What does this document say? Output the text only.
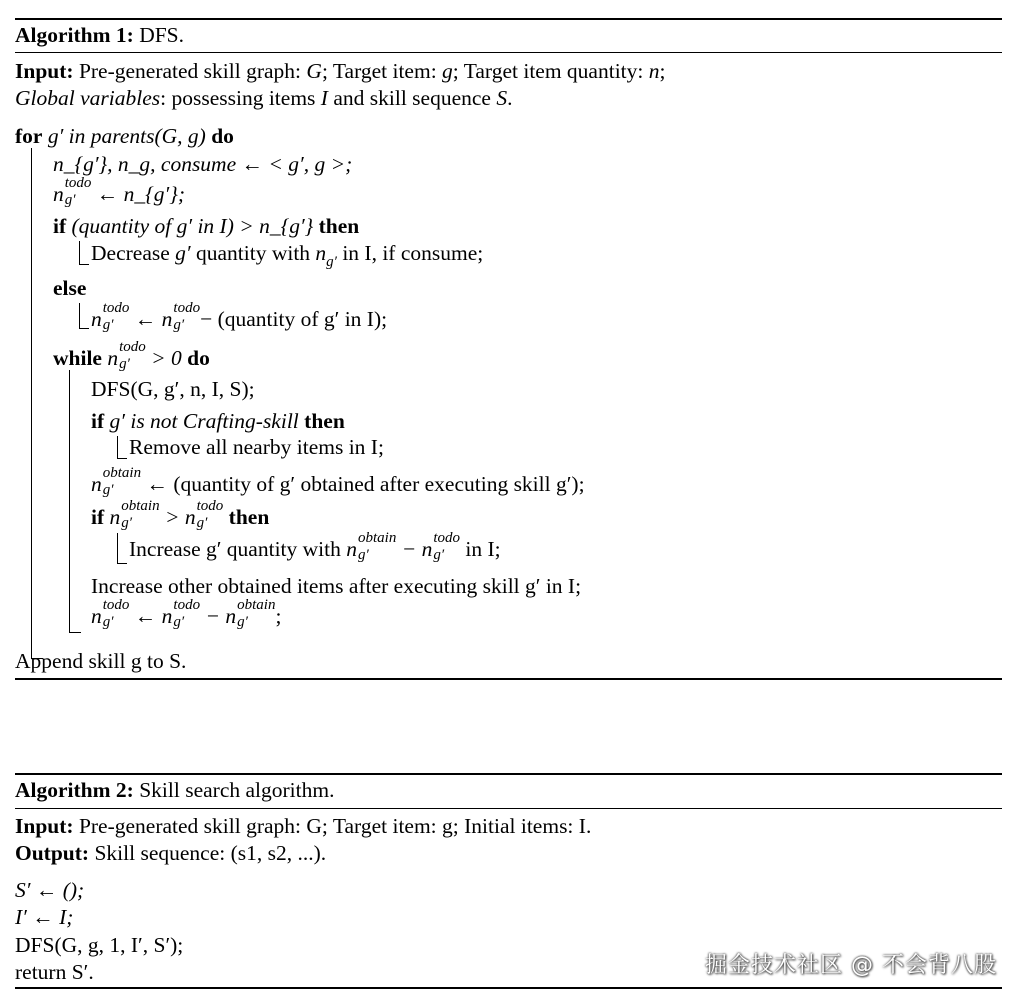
Algorithm 1: DFS.
Input: Pre-generated skill graph: G; Target item: g; Target item quantity: n;
Global variables: possessing items I and skill sequence S.
for g′ in parents(G, g) do
n_{g′}, n_g, consume ← < g′, g >;
n todo
g′ ← n_{g′};
if (quantity of g′ in I) > n_{g′} then
Decrease g′ quantity with $n_{g'}$ in I, if consume;
else
n todo
g′ ← n todo
g′ − (quantity of g′ in I);
while n todo
g′ > 0 do
DFS(G, g′, n, I, S);
if g′ is not Crafting-skill then
Remove all nearby items in I;
n obtain
g′	← (quantity of g′ obtained after executing skill g′);
if n obtain
g′	> n todo
g′ then
Increase g′ quantity with n obtain
g′	− n todo
g′ in I;
Increase other obtained items after executing skill g′ in I;
n todo
g′ ← n todo
g′ − n obtain
g′	;
Append skill g to S.
Algorithm 2: Skill search algorithm.
Input: Pre-generated skill graph: G; Target item: g; Initial items: I.
Output: Skill sequence: (s1, s2, ...).
S′ ← ();
I′ ← I;
DFS(G, g, 1, I′, S′);
return S′.	掘金技术社区 @ 不会背八股
